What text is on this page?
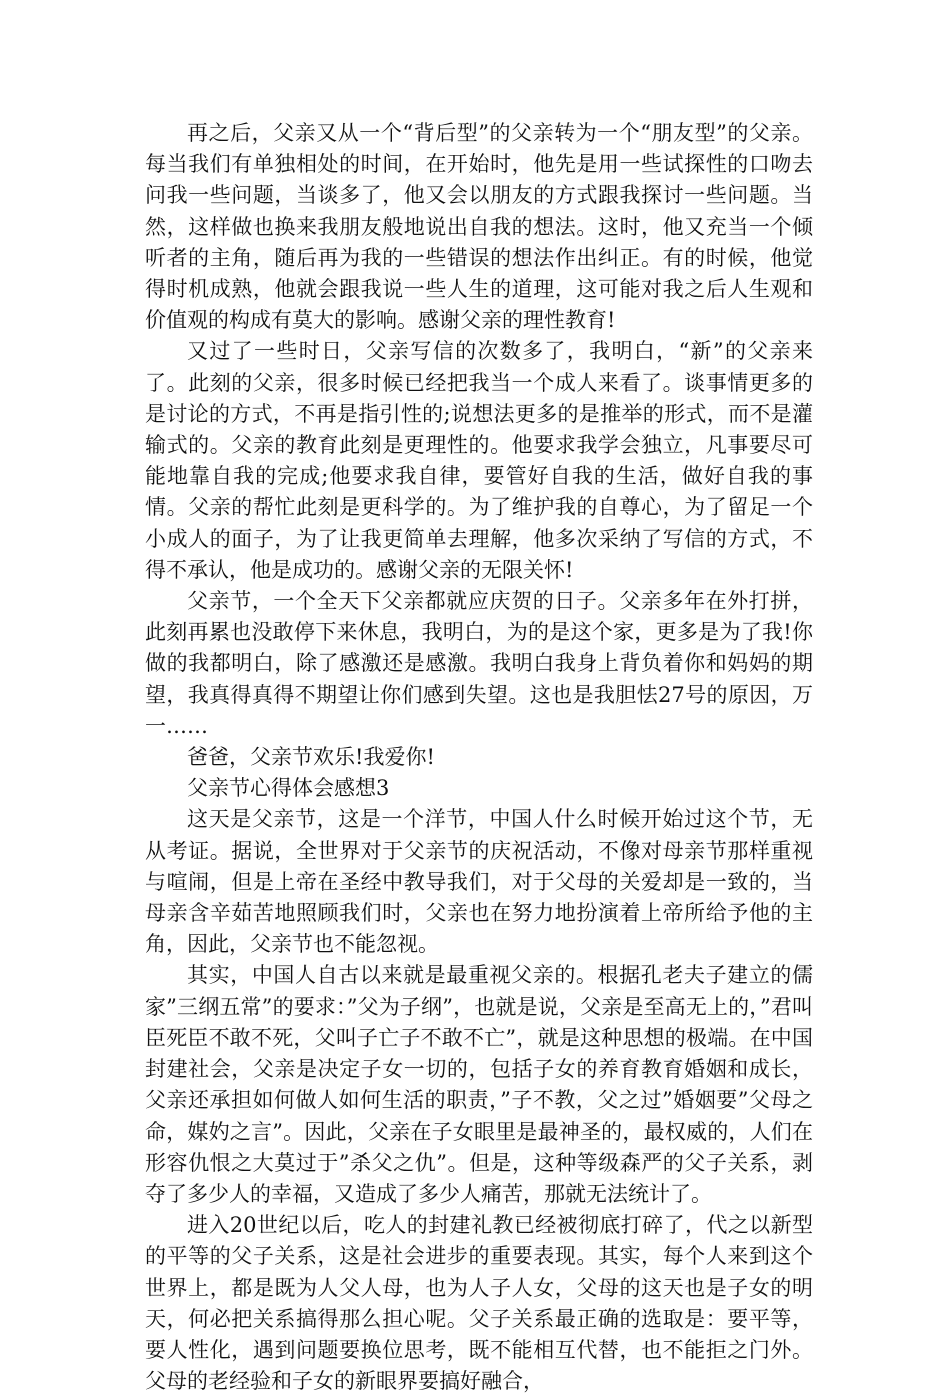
再之后，父亲又从一个“背后型”的父亲转为一个“朋友型”的父亲。每当我们有单独相处的时间，在开始时，他先是用一些试探性的口吻去问我一些问题，当谈多了，他又会以朋友的方式跟我探讨一些问题。当然，这样做也换来我朋友般地说出自我的想法。这时，他又充当一个倾听者的主角，随后再为我的一些错误的想法作出纠正。有的时候，他觉得时机成熟，他就会跟我说一些人生的道理，这可能对我之后人生观和价值观的构成有莫大的影响。感谢父亲的理性教育!

又过了一些时日，父亲写信的次数多了，我明白，“新”的父亲来了。此刻的父亲，很多时候已经把我当一个成人来看了。谈事情更多的是讨论的方式，不再是指引性的;说想法更多的是推举的形式，而不是灌输式的。父亲的教育此刻是更理性的。他要求我学会独立，凡事要尽可能地靠自我的完成;他要求我自律，要管好自我的生活，做好自我的事情。父亲的帮忙此刻是更科学的。为了维护我的自尊心，为了留足一个小成人的面子，为了让我更简单去理解，他多次采纳了写信的方式，不得不承认，他是成功的。感谢父亲的无限关怀!

父亲节，一个全天下父亲都就应庆贺的日子。父亲多年在外打拼，此刻再累也没敢停下来休息，我明白，为的是这个家，更多是为了我!你做的我都明白，除了感激还是感激。我明白我身上背负着你和妈妈的期望，我真得真得不期望让你们感到失望。这也是我胆怯27号的原因，万一……

爸爸，父亲节欢乐!我爱你!

父亲节心得体会感想3

这天是父亲节，这是一个洋节，中国人什么时候开始过这个节，无从考证。据说，全世界对于父亲节的庆祝活动，不像对母亲节那样重视与喧闹，但是上帝在圣经中教导我们，对于父母的关爱却是一致的，当母亲含辛茹苦地照顾我们时，父亲也在努力地扮演着上帝所给予他的主角，因此，父亲节也不能忽视。

其实，中国人自古以来就是最重视父亲的。根据孔老夫子建立的儒家”三纲五常”的要求：”父为子纲”，也就是说，父亲是至高无上的，”君叫臣死臣不敢不死，父叫子亡子不敢不亡”，就是这种思想的极端。在中国封建社会，父亲是决定子女一切的，包括子女的养育教育婚姻和成长，父亲还承担如何做人如何生活的职责，”子不教，父之过”婚姻要”父母之命，媒妁之言”。因此，父亲在子女眼里是最神圣的，最权威的，人们在形容仇恨之大莫过于”杀父之仇”。但是，这种等级森严的父子关系，剥夺了多少人的幸福，又造成了多少人痛苦，那就无法统计了。

进入20世纪以后，吃人的封建礼教已经被彻底打碎了，代之以新型的平等的父子关系，这是社会进步的重要表现。其实，每个人来到这个世界上，都是既为人父人母，也为人子人女，父母的这天也是子女的明天，何必把关系搞得那么担心呢。父子关系最正确的选取是：要平等，要人性化，遇到问题要换位思考，既不能相互代替，也不能拒之门外。父母的老经验和子女的新眼界要搞好融合，
